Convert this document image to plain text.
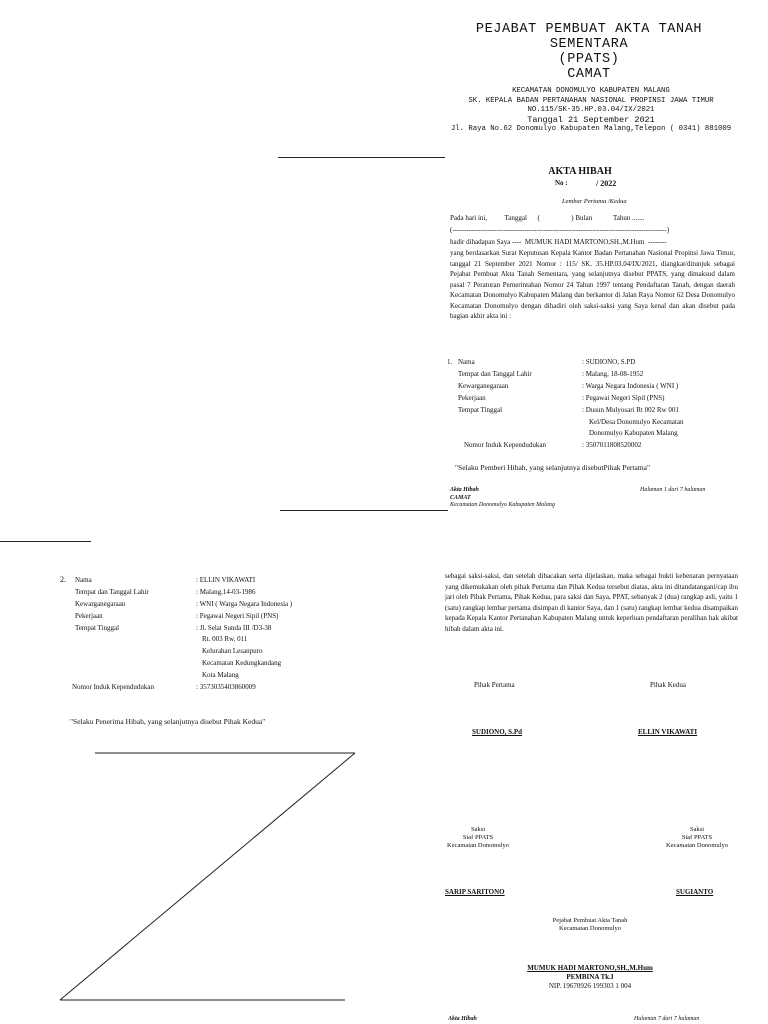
PEJABAT PEMBUAT AKTA TANAH
SEMENTARA
(PPATS)
CAMAT
KECAMATAN DONOMULYO KABUPATEN MALANG
SK. KEPALA BADAN PERTANAHAN NASIONAL PROPINSI JAWA TIMUR
NO.115/SK-35.HP.03.04/IX/2021
Tanggal 21 September 2021
Jl. Raya No.62 Donomulyo Kabupaten Malang,Telepon ( 0341) 881009
AKTA HIBAH
No :	/ 2022
Lembar Pertama /Kedua
Pada hari ini,          Tanggal      (                  ) Bulan            Tahun .......
(--------------------------------------------------------------------------------------------)
hadir dihadapan Saya ----  MUMUK HADI MARTONO,SH.,M.Hum  --------
yang berdasarkan Surat Keputusan Kepala Kantor Badan Pertanahan Nasional Propinsi Jawa Timur, tanggal 21 September 2021 Nomor : 115/ SK. 35.HP.03.04/IX/2021, diangkat/ditunjuk sebagai Pejabat Pembuat Akta Tanah Sementara, yang selanjutnya disebut PPATS, yang dimaksud dalam pasal 7 Peraturan Pemerintahan Nomor 24 Tahun 1997 tentang Pendaftaran Tanah, dengan daerah Kecamatan Donomulyo Kabupaten Malang dan berkantor di Jalan Raya Nomor 62 Desa Donomulyo Kecamatan Donomulyo dengan dihadiri oleh saksi-saksi yang Saya kenal dan akan disebut pada bagian akhir akta ini :
1. Nama	: SUDIONO, S.PD
Tempat dan Tanggal Lahir	: Malang, 18-08-1952
Kewarganegaraan	: Warga Negara Indonesia ( WNI )
Pekerjaan	: Pegawai Negeri Sipil (PNS)
Tempat Tinggal	: Dusun Mulyosari Rt 002 Rw 001
Kel/Desa Donomulyo Kecamatan
Donomulyo Kabupaten Malang
Nomor Induk Kependudukan	: 3507011808520002
"Selaku Pemberi Hibah, yang selanjutnya disebutPihak Pertama"
Akta Hibah	Halaman 1 dari 7 halaman
CAMAT
Kecamatan Donomulyo Kabupaten Malang
2. Nama	: ELLIN VIKAWATI
Tempat dan Tanggal Lahir	: Malang,14-03-1986
Kewarganegaraan	: WNI ( Warga Negara Indonesia )
Pekerjaan	: Pegawai Negeri Sipil (PNS)
Tempat Tinggal	: Jl. Selat Sunda III /D3-38
Rt. 003 Rw. 011
Kelurahan Lesanpuro
Kecamatan Kedungkandang
Kota Malang
Nomor Induk Kependudukan	: 3573035403860009
"Selaku Penerima Hibah, yang selanjutnya disebut Pihak Kedua"
sebagai saksi-saksi, dan setelah dibacakan serta dijelaskan, maka sebagai bukti kebenaran pernyataan yang dikemukakan oleh pihak Pertama dan Pihak Kedua tersebut diatas, akta ini ditandatangani/cap ibu jari oleh Pihak Pertama, Pihak Kedua, para saksi dan Saya, PPAT, sebanyak 2 (dua) rangkap asli, yaitu 1 (satu) rangkap lembar pertama disimpan di kantor Saya, dan 1 (satu) rangkap lembar kedua disampaikan kepada Kepala Kantor Pertanahan Kabupaten Malang untuk keperluan pendaftaran peralihan hak akibat hibah dalam akta ini.
Pihak Pertama	Pihak Kedua
SUDIONO, S.Pd	ELLIN VIKAWATI
Saksi
Staf PPATS
Kecamatan Donomulyo
Saksi
Staf PPATS
Kecamatan Donomulyo
SARIP SARITONO	SUGIANTO
Pejabat Pembuat Akta Tanah
Kecamatan Donomulyo
MUMUK HADI MARTONO,SH.,M.Hum
PEMBINA Tk.I
NIP. 19670926 199303 1 004
Akta Hibah	Halaman 7 dari 7 halaman
